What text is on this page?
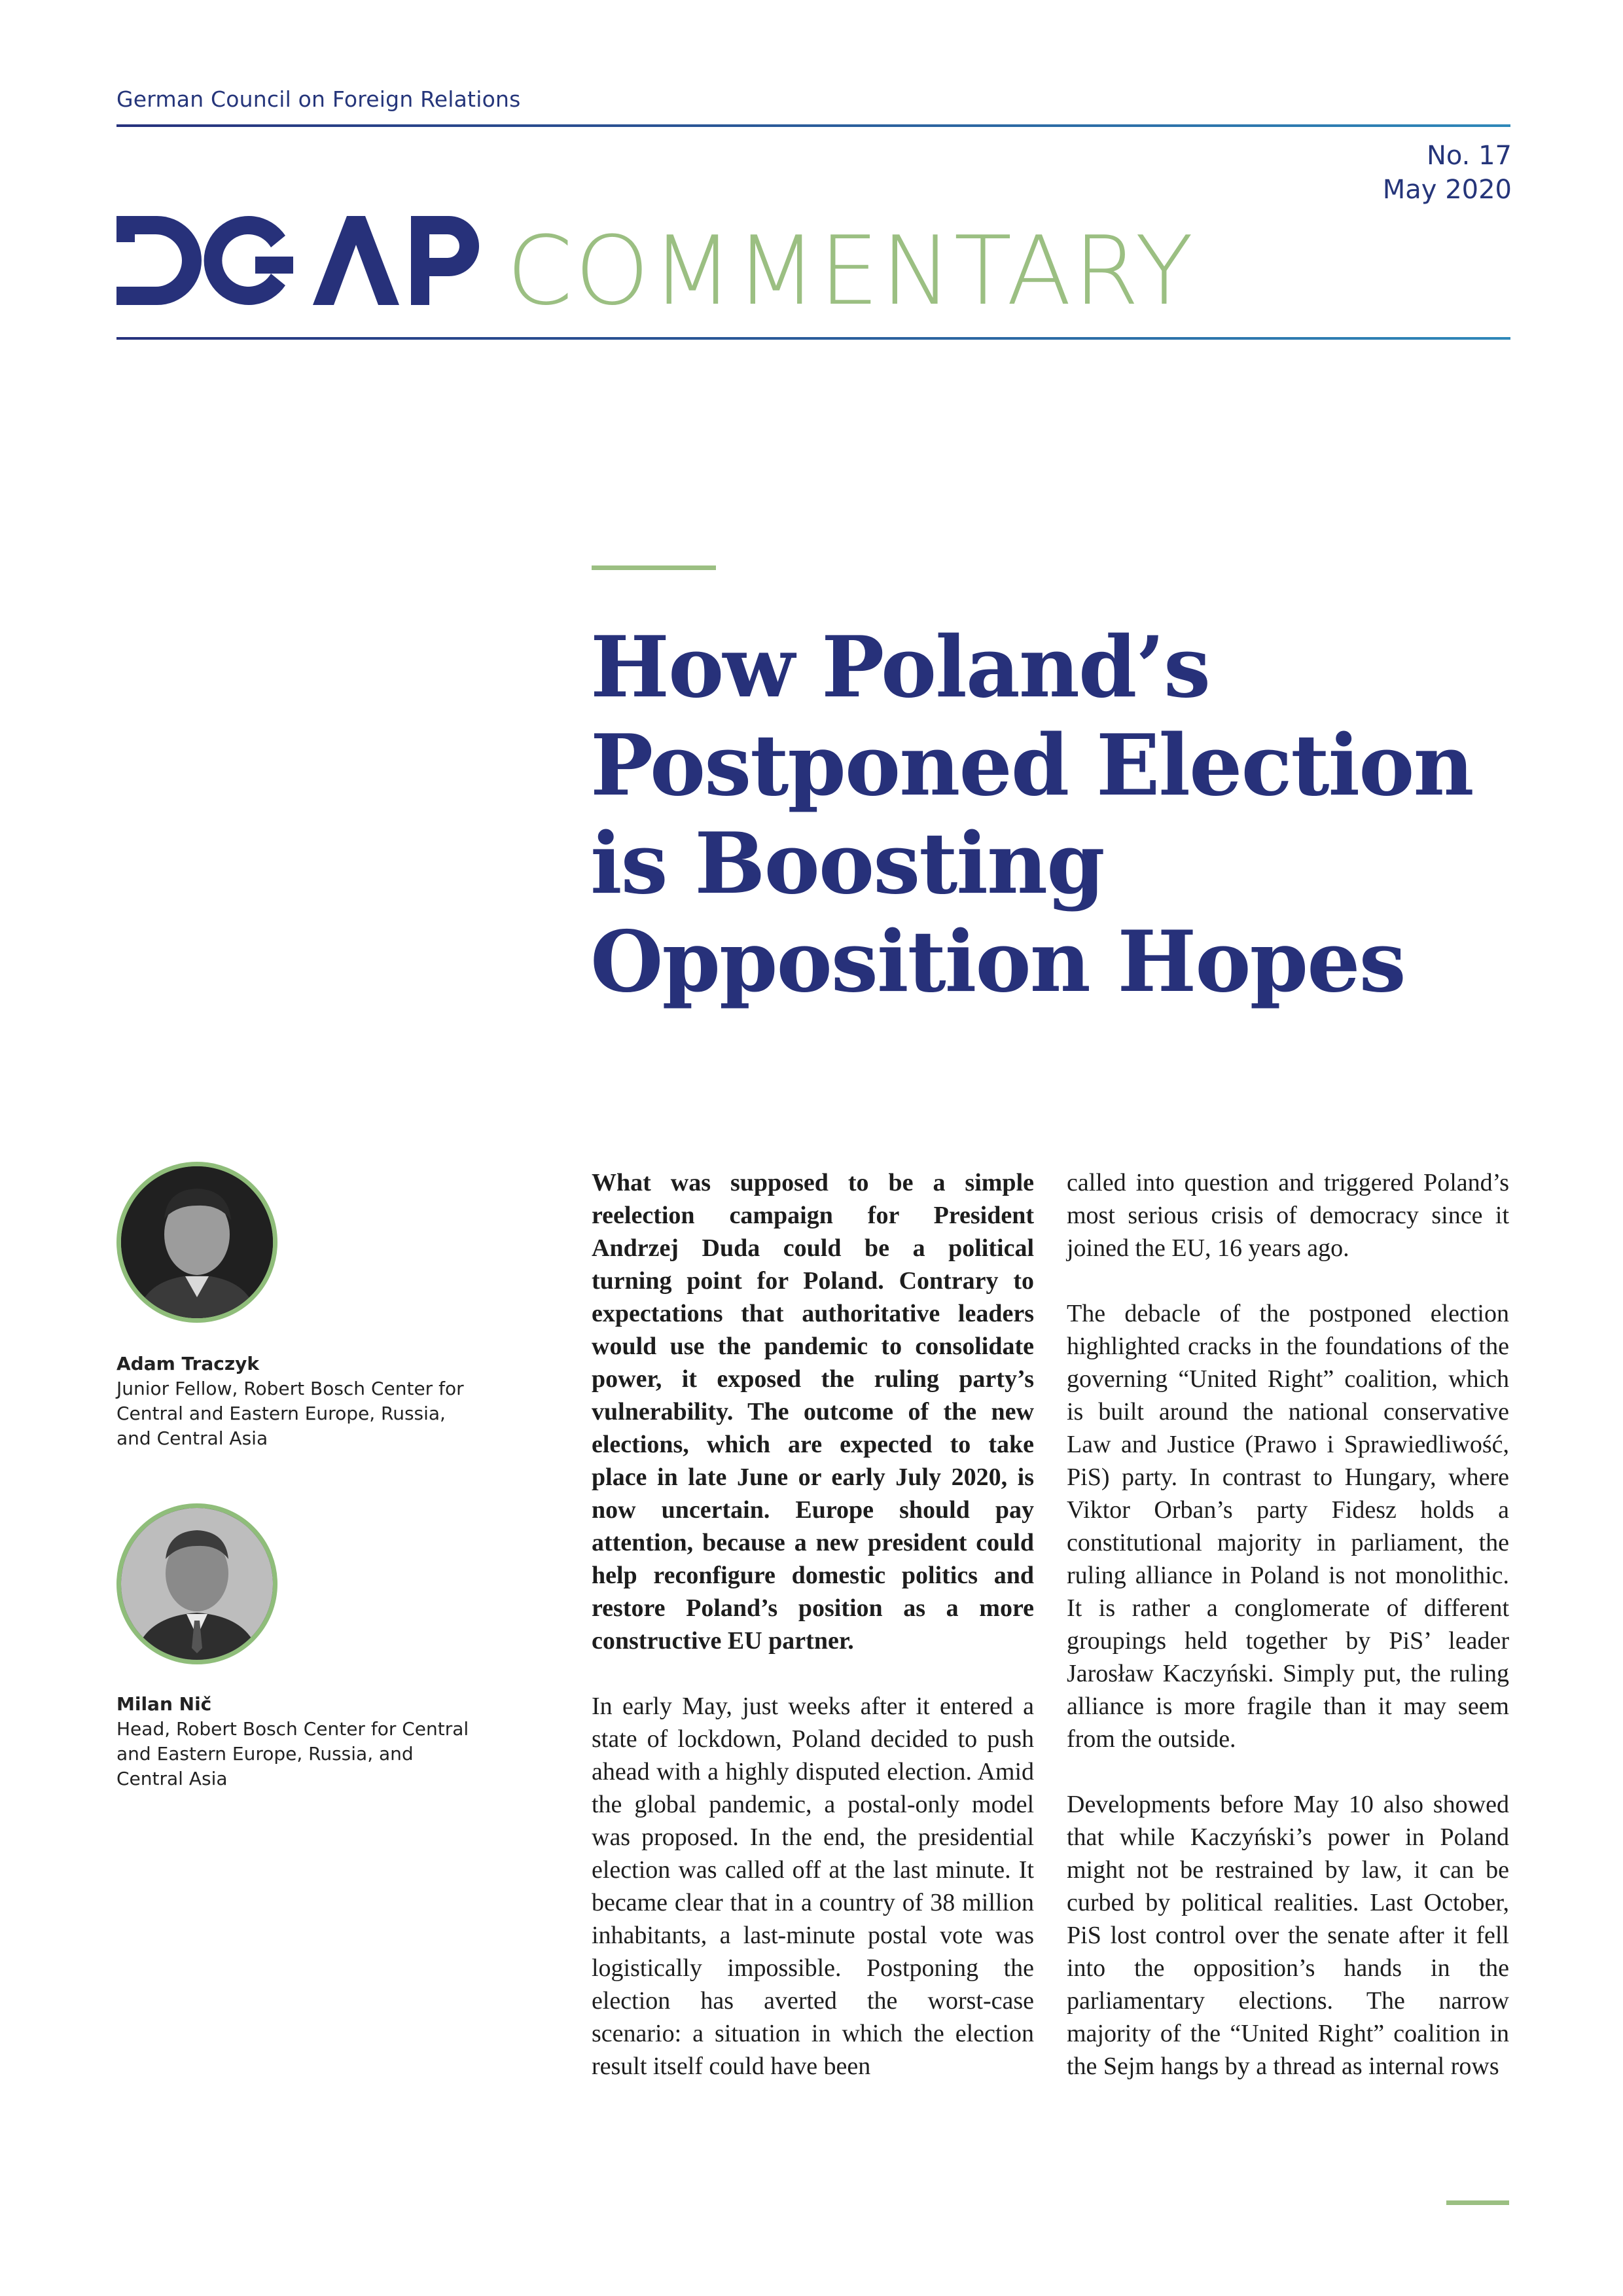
German Council on Foreign Relations
No. 17
May 2020
COMMENTARY
How Poland’s
Postponed Election
is Boosting
Opposition Hopes
Adam Traczyk
Junior Fellow, Robert Bosch Center for Central and Eastern Europe, Russia, and Central Asia
Milan Nič
Head, Robert Bosch Center for Central and Eastern Europe, Russia, and Central Asia

What was supposed to be a simple reelection campaign for President Andrzej Duda could be a political turning point for Poland. Contrary to expectations that authoritative leaders would use the pandemic to consolidate power, it exposed the ruling party’s vulnerability. The outcome of the new elections, which are expected to take place in late June or early July 2020, is now uncertain. Europe should pay attention, because a new president could help reconfigure domestic politics and restore Poland’s position as a more constructive EU partner.

In early May, just weeks after it entered a state of lockdown, Poland decided to push ahead with a highly disputed election. Amid the global pandemic, a postal-only model was proposed. In the end, the presidential election was called off at the last minute. It became clear that in a country of 38 million inhabitants, a last-minute postal vote was logistically impossible. Postponing the election has averted the worst-case scenario: a situation in which the election result itself could have been

called into question and triggered Poland’s most serious crisis of democracy since it joined the EU, 16 years ago.

The debacle of the postponed election highlighted cracks in the foundations of the governing “United Right” coalition, which is built around the national conservative Law and Justice (Prawo i Sprawiedliwość, PiS) party. In contrast to Hungary, where Viktor Orban’s party Fidesz holds a constitutional majority in parliament, the ruling alliance in Poland is not monolithic. It is rather a conglomerate of different groupings held together by PiS’ leader Jarosław Kaczyński. Simply put, the ruling alliance is more fragile than it may seem from the outside.

Developments before May 10 also showed that while Kaczyński’s power in Poland might not be restrained by law, it can be curbed by political realities. Last October, PiS lost control over the senate after it fell into the opposition’s hands in the parliamentary elections. The narrow majority of the “United Right” coalition in the Sejm hangs by a thread as internal rows
